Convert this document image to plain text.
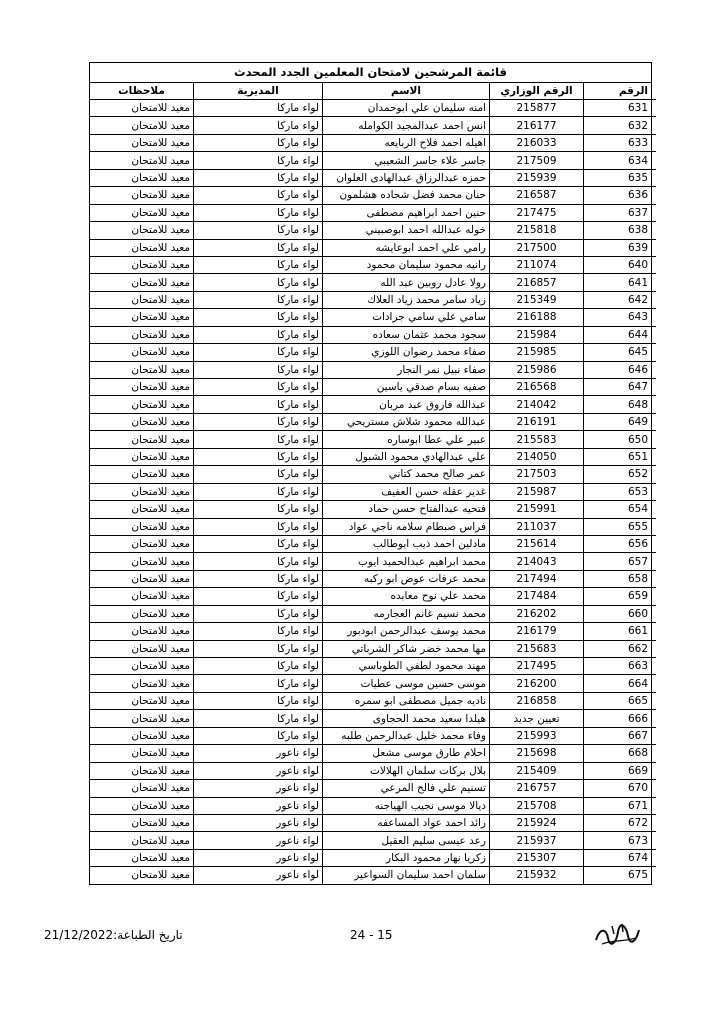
قائمة المرشحين لامتحان المعلمين الجدد المحدث
الرقم	الرقم الوزاري	الاسم	المديرية	ملاحظات
631	215877	امنه سليمان علي ابوحمدان	لواء ماركا	معيد للامتحان
632	216177	انس احمد عبدالمجيد الكوامله	لواء ماركا	معيد للامتحان
633	216033	اهيله احمد فلاح الربايعه	لواء ماركا	معيد للامتحان
634	217509	جاسر علاء جاسر الشعيبي	لواء ماركا	معيد للامتحان
635	215939	حمزه عبدالرزاق عبدالهادى العلوان	لواء ماركا	معيد للامتحان
636	216587	حنان محمد فضل شحاده هشلمون	لواء ماركا	معيد للامتحان
637	217475	حنين احمد ابراهيم مصطفى	لواء ماركا	معيد للامتحان
638	215818	خوله عبدالله احمد ابوصبيني	لواء ماركا	معيد للامتحان
639	217500	رامي علي احمد ابوعايشه	لواء ماركا	معيد للامتحان
640	211074	رانيه محمود سليمان محمود	لواء ماركا	معيد للامتحان
641	216857	رولا عادل روبين عبد الله	لواء ماركا	معيد للامتحان
642	215349	زياد سامر محمد زياد العلاك	لواء ماركا	معيد للامتحان
643	216188	سامي علي سامي جرادات	لواء ماركا	معيد للامتحان
644	215984	سجود محمد عثمان سعاده	لواء ماركا	معيد للامتحان
645	215985	صفاء محمد رضوان اللوزي	لواء ماركا	معيد للامتحان
646	215986	صفاء نبيل نمر النجار	لواء ماركا	معيد للامتحان
647	216568	صفيه بسام صدقي ياسين	لواء ماركا	معيد للامتحان
648	214042	عبدالله فاروق عبد مربان	لواء ماركا	معيد للامتحان
649	216191	عبدالله محمود شلاش مستريحي	لواء ماركا	معيد للامتحان
650	215583	عبير علي عطا ابوساره	لواء ماركا	معيد للامتحان
651	214050	علي عبدالهادي محمود الشبول	لواء ماركا	معيد للامتحان
652	217503	عمر صالح محمد كتاني	لواء ماركا	معيد للامتحان
653	215987	غدير عقله حسن العفيف	لواء ماركا	معيد للامتحان
654	215991	فتحيه عبدالفتاح حسن حماد	لواء ماركا	معيد للامتحان
655	211037	فراس صبطام سلامه ناجي عواد	لواء ماركا	معيد للامتحان
656	215614	مادلين احمد ذيب ابوطالب	لواء ماركا	معيد للامتحان
657	214043	محمد ابراهيم عبدالحميد ايوب	لواء ماركا	معيد للامتحان
658	217494	محمد عرفات عوض ابو ركبه	لواء ماركا	معيد للامتحان
659	217484	محمد علي نوح معابده	لواء ماركا	معيد للامتحان
660	216202	محمد نسيم غانم العجارمه	لواء ماركا	معيد للامتحان
661	216179	محمد يوسف عبدالرحمن ابودبور	لواء ماركا	معيد للامتحان
662	215683	مها محمد خضر شاكر الشرباتي	لواء ماركا	معيد للامتحان
663	217495	مهند محمود لطفي الطوباسي	لواء ماركا	معيد للامتحان
664	216200	موسى حسين موسى عطيات	لواء ماركا	معيد للامتحان
665	216858	ناديه جميل مصطفى ابو سمره	لواء ماركا	معيد للامتحان
666	تعيين جديد	هيلدا سعيد محمد الحجاوى	لواء ماركا	معيد للامتحان
667	215993	وفاء محمد خليل عبدالرحمن طلبه	لواء ماركا	معيد للامتحان
668	215698	احلام طارق موسى مشعل	لواء ناعور	معيد للامتحان
669	215409	بلال بركات سلمان الهلالات	لواء ناعور	معيد للامتحان
670	216757	تسنيم علي فالح المرعي	لواء ناعور	معيد للامتحان
671	215708	ديالا موسى نجيب الهياجنه	لواء ناعور	معيد للامتحان
672	215924	رائد احمد عواد المساعفه	لواء ناعور	معيد للامتحان
673	215937	رعد عيسى سليم العقيل	لواء ناعور	معيد للامتحان
674	215307	زكريا نهار محمود البكار	لواء ناعور	معيد للامتحان
675	215932	سلمان احمد سليمان السواعير	لواء ناعور	معيد للامتحان
تاريخ الطباعة:21/12/2022	24 - 15
